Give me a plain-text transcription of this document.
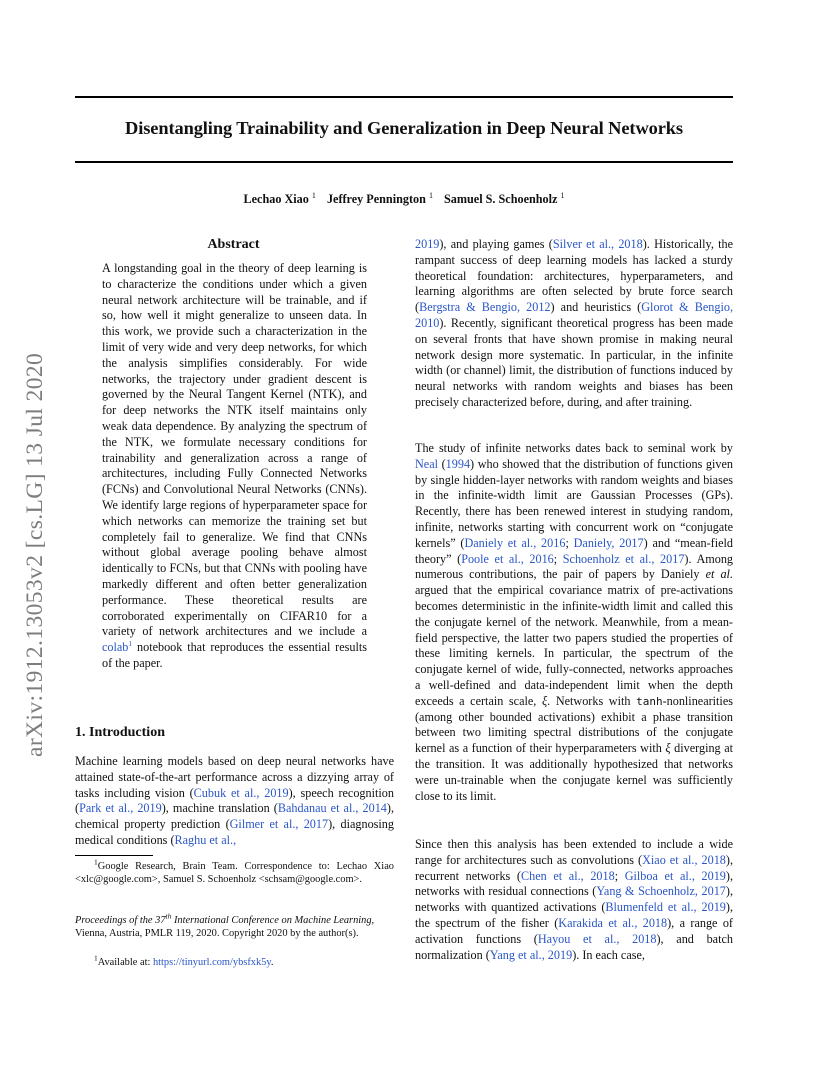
arXiv:1912.13053v2 [cs.LG] 13 Jul 2020
Disentangling Trainability and Generalization in Deep Neural Networks
Lechao Xiao $^1$ Jeffrey Pennington $^1$ Samuel S. Schoenholz $^1$
Abstract
A longstanding goal in the theory of deep learning is to characterize the conditions under which a given neural network architecture will be trainable, and if so, how well it might generalize to unseen data. In this work, we provide such a characterization in the limit of very wide and very deep networks, for which the analysis simplifies considerably. For wide networks, the trajectory under gradient descent is governed by the Neural Tangent Kernel (NTK), and for deep networks the NTK itself maintains only weak data dependence. By analyzing the spectrum of the NTK, we formulate necessary conditions for trainability and generalization across a range of architectures, including Fully Connected Networks (FCNs) and Convolutional Neural Networks (CNNs). We identify large regions of hyperparameter space for which networks can memorize the training set but completely fail to generalize. We find that CNNs without global average pooling behave almost identically to FCNs, but that CNNs with pooling have markedly different and often better generalization performance. These theoretical results are corroborated experimentally on CIFAR10 for a variety of network architectures and we include a colab$^1$ notebook that reproduces the essential results of the paper.
1. Introduction
Machine learning models based on deep neural networks have attained state-of-the-art performance across a dizzying array of tasks including vision (Cubuk et al., 2019), speech recognition (Park et al., 2019), machine translation (Bahdanau et al., 2014), chemical property prediction (Gilmer et al., 2017), diagnosing medical conditions (Raghu et al.,
$^1$Google Research, Brain Team. Correspondence to: Lechao Xiao <xlc@google.com>, Samuel S. Schoenholz <schsam@google.com>.
Proceedings of the 37th International Conference on Machine Learning, Vienna, Austria, PMLR 119, 2020. Copyright 2020 by the author(s).
$^1$Available at: https://tinyurl.com/ybsfxk5y.
2019), and playing games (Silver et al., 2018). Historically, the rampant success of deep learning models has lacked a sturdy theoretical foundation: architectures, hyperparameters, and learning algorithms are often selected by brute force search (Bergstra & Bengio, 2012) and heuristics (Glorot & Bengio, 2010). Recently, significant theoretical progress has been made on several fronts that have shown promise in making neural network design more systematic. In particular, in the infinite width (or channel) limit, the distribution of functions induced by neural networks with random weights and biases has been precisely characterized before, during, and after training.
The study of infinite networks dates back to seminal work by Neal (1994) who showed that the distribution of functions given by single hidden-layer networks with random weights and biases in the infinite-width limit are Gaussian Processes (GPs). Recently, there has been renewed interest in studying random, infinite, networks starting with concurrent work on “conjugate kernels” (Daniely et al., 2016; Daniely, 2017) and “mean-field theory” (Poole et al., 2016; Schoenholz et al., 2017). Among numerous contributions, the pair of papers by Daniely et al. argued that the empirical covariance matrix of pre-activations becomes deterministic in the infinite-width limit and called this the conjugate kernel of the network. Meanwhile, from a mean-field perspective, the latter two papers studied the properties of these limiting kernels. In particular, the spectrum of the conjugate kernel of wide, fully-connected, networks approaches a well-defined and data-independent limit when the depth exceeds a certain scale, ξ. Networks with tanh-nonlinearities (among other bounded activations) exhibit a phase transition between two limiting spectral distributions of the conjugate kernel as a function of their hyperparameters with ξ diverging at the transition. It was additionally hypothesized that networks were un-trainable when the conjugate kernel was sufficiently close to its limit.
Since then this analysis has been extended to include a wide range for architectures such as convolutions (Xiao et al., 2018), recurrent networks (Chen et al., 2018; Gilboa et al., 2019), networks with residual connections (Yang & Schoenholz, 2017), networks with quantized activations (Blumenfeld et al., 2019), the spectrum of the fisher (Karakida et al., 2018), a range of activation functions (Hayou et al., 2018), and batch normalization (Yang et al., 2019). In each case,
